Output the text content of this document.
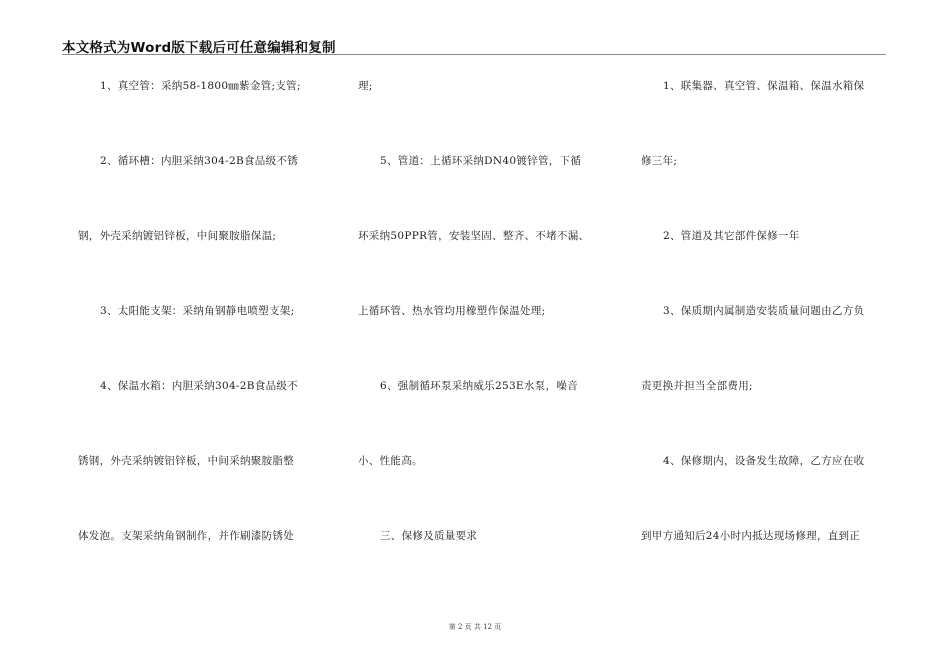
本文格式为Word版下载后可任意编辑和复制
1、真空管：采纳58-1800㎜紫金管;支管;
2、循环槽：内胆采纳304-2B食品级不锈
钢，外壳采纳镀铝锌板，中间聚胺脂保温;
3、太阳能支架：采纳角钢静电喷塑支架;
4、保温水箱：内胆采纳304-2B食品级不
锈钢，外壳采纳镀铝锌板，中间采纳聚胺脂整
体发泡。支架采纳角钢制作，并作刷漆防锈处
理;
5、管道：上循环采纳DN40镀锌管，下循
环采纳50PPR管，安装坚固、整齐、不堵不漏、
上循环管、热水管均用橡塑作保温处理;
6、强制循环泵采纳威乐253E水泵，噪音
小、性能高。
三、保修及质量要求
1、联集器、真空管、保温箱、保温水箱保
修三年;
2、管道及其它部件保修一年
3、保质期内属制造安装质量问题由乙方负
责更换并担当全部费用;
4、保修期内，设备发生故障，乙方应在收
到甲方通知后24小时内抵达现场修理，直到正
第 2 页 共 12 页
